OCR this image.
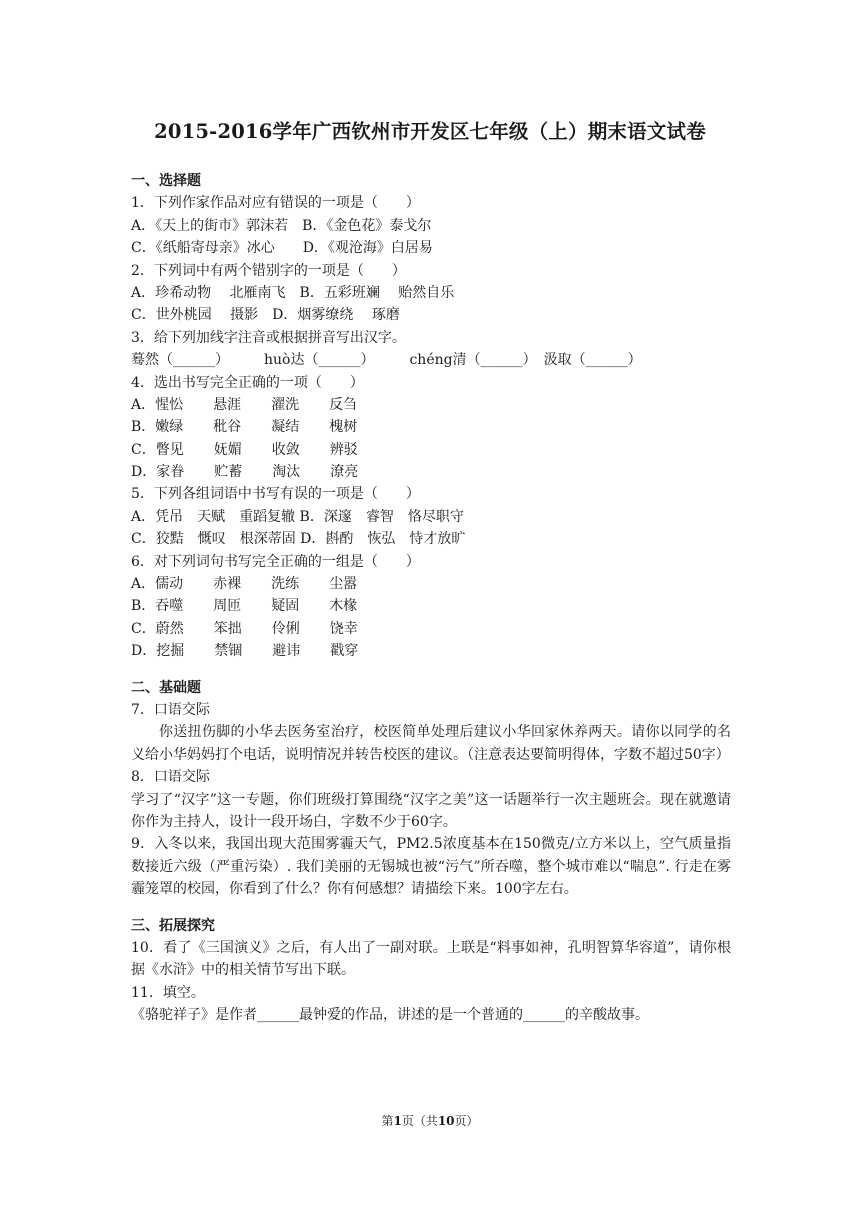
2015-2016学年广西钦州市开发区七年级（上）期末语文试卷
一、选择题
1．下列作家作品对应有错误的一项是（　　）
A．《天上的街市》郭沫若　B．《金色花》泰戈尔
C．《纸船寄母亲》冰心　　D．《观沧海》白居易
2．下列词中有两个错别字的一项是（　　）
A．珍希动物　 北雁南飞　B．五彩班斓　 贻然自乐
C．世外桃园　 摄影　D．烟雾缭绕　 琢磨
3．给下列加线字注音或根据拼音写出汉字。
蓦然（______）　　　huò达（______）　　　chéng清（______）　汲取（______）
4．选出书写完全正确的一项（　　）
A．惺忪 悬涯 濯洗 反刍
B．嫩绿 秕谷 凝结 槐树
C．瞥见 妩媚 收敛 辨驳
D．家眷 贮蓄 淘汰 潦亮
5．下列各组词语中书写有误的一项是（　　）
A．凭吊　天赋　重蹈复辙 B．深邃　睿智　恪尽职守
C．狡黠　慨叹　根深蒂固 D．斟酌　恢弘　恃才放旷
6．对下列词句书写完全正确的一组是（　　）
A．儒动 赤裸 洗练 尘嚣
B．吞噬 周匝 疑固 木椽
C．蔚然 笨拙 伶俐 饶幸
D．挖掘 禁锢 避讳 戳穿
二、基础题
7．口语交际
你送扭伤脚的小华去医务室治疗，校医简单处理后建议小华回家休养两天。请你以同学的名义给小华妈妈打个电话，说明情况并转告校医的建议。（注意表达要简明得体，字数不超过50字）
8．口语交际
学习了“汉字”这一专题，你们班级打算围绕“汉字之美”这一话题举行一次主题班会。现在就邀请你作为主持人，设计一段开场白，字数不少于60字。
9．入冬以来，我国出现大范围雾霾天气，PM2.5浓度基本在150微克/立方米以上，空气质量指数接近六级（严重污染）. 我们美丽的无锡城也被“污气”所吞噬，整个城市难以“喘息”. 行走在雾霾笼罩的校园，你看到了什么？你有何感想？请描绘下来。100字左右。
三、拓展探究
10．看了《三国演义》之后，有人出了一副对联。上联是“料事如神，孔明智算华容道”，请你根据《水浒》中的相关情节写出下联。
11．填空。
《骆驼祥子》是作者______最钟爱的作品，讲述的是一个普通的______的辛酸故事。
第1页（共10页）
